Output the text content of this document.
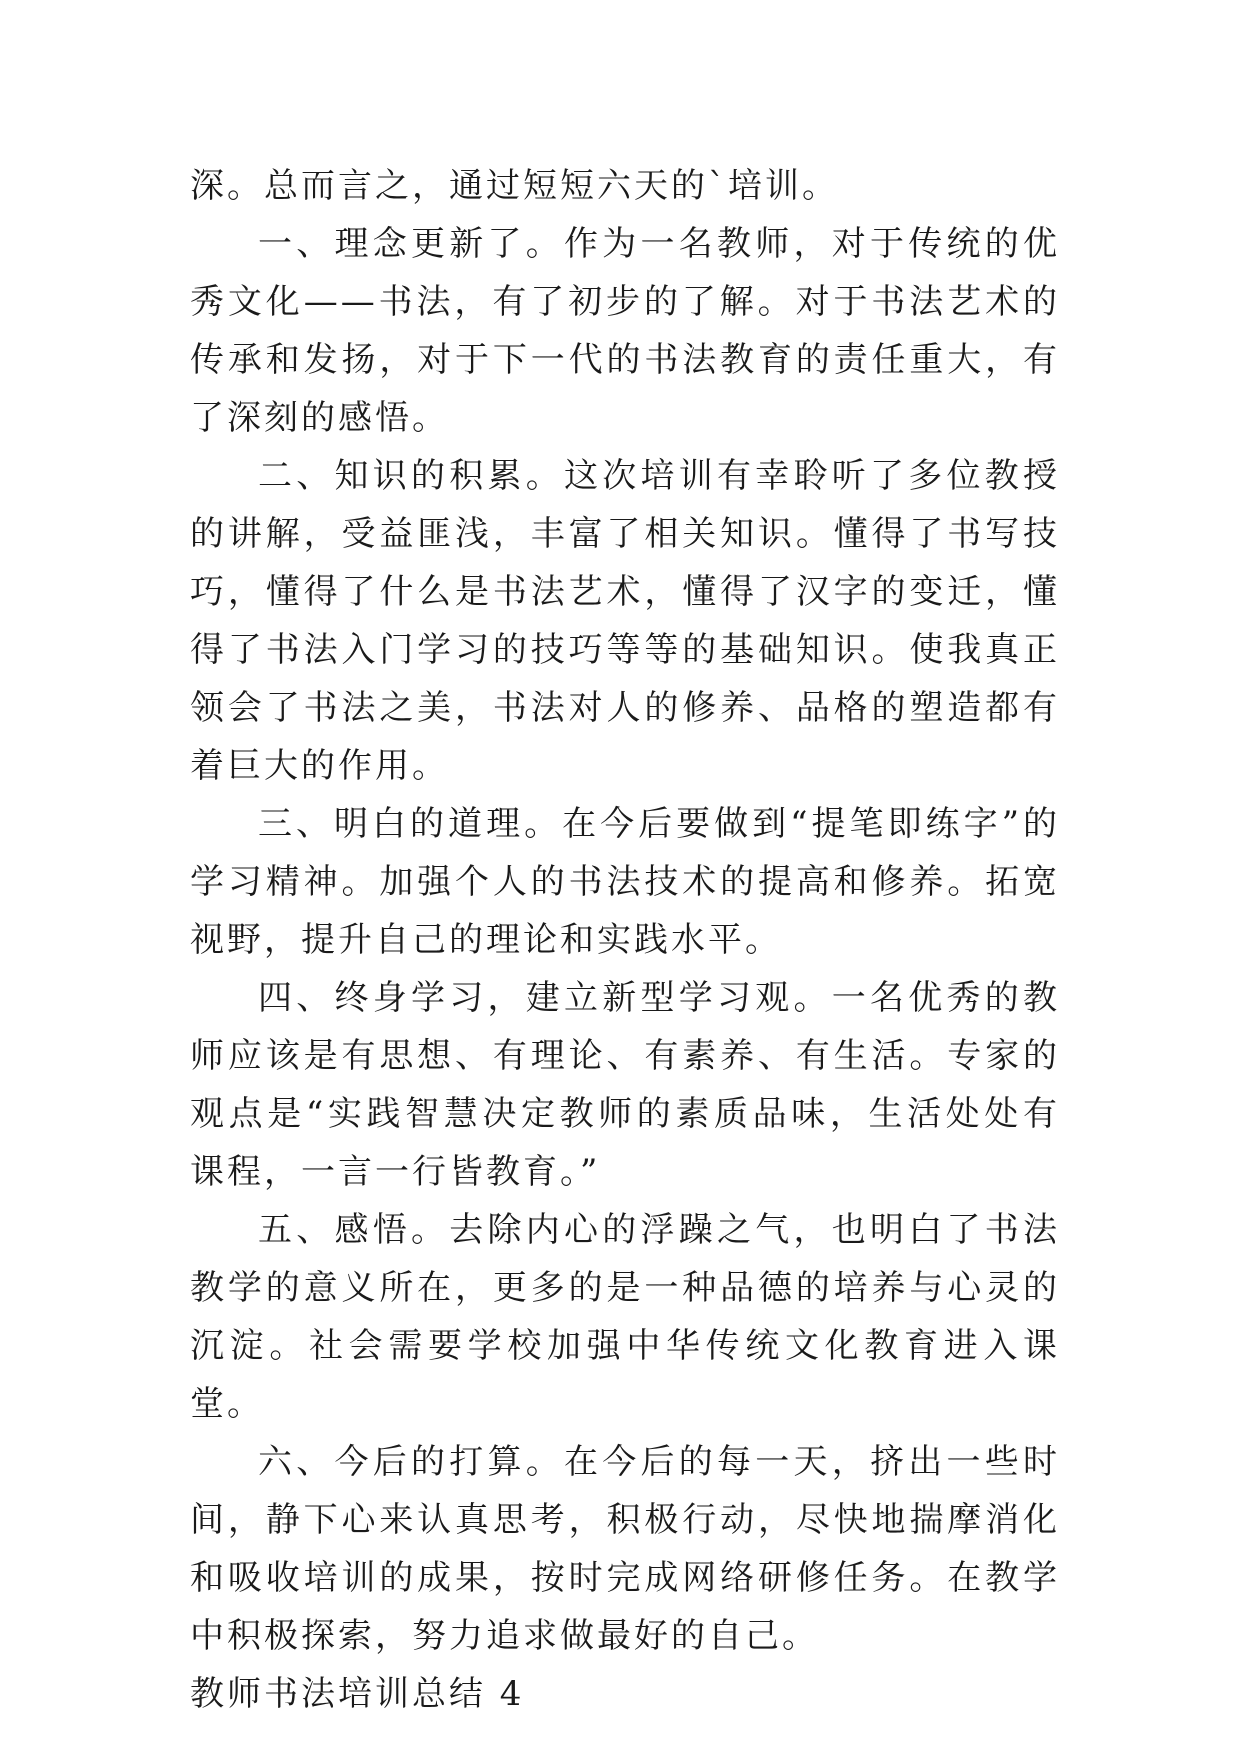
深。总而言之，通过短短六天的`培训。

一、理念更新了。作为一名教师，对于传统的优秀文化——书法，有了初步的了解。对于书法艺术的传承和发扬，对于下一代的书法教育的责任重大，有了深刻的感悟。

二、知识的积累。这次培训有幸聆听了多位教授的讲解，受益匪浅，丰富了相关知识。懂得了书写技巧，懂得了什么是书法艺术，懂得了汉字的变迁，懂得了书法入门学习的技巧等等的基础知识。使我真正领会了书法之美，书法对人的修养、品格的塑造都有着巨大的作用。

三、明白的道理。在今后要做到“提笔即练字”的学习精神。加强个人的书法技术的提高和修养。拓宽视野，提升自己的理论和实践水平。

四、终身学习，建立新型学习观。一名优秀的教师应该是有思想、有理论、有素养、有生活。专家的观点是“实践智慧决定教师的素质品味，生活处处有课程，一言一行皆教育。”

五、感悟。去除内心的浮躁之气，也明白了书法教学的意义所在，更多的是一种品德的培养与心灵的沉淀。社会需要学校加强中华传统文化教育进入课堂。

六、今后的打算。在今后的每一天，挤出一些时间，静下心来认真思考，积极行动，尽快地揣摩消化和吸收培训的成果，按时完成网络研修任务。在教学中积极探索，努力追求做最好的自己。

教师书法培训总结 4
